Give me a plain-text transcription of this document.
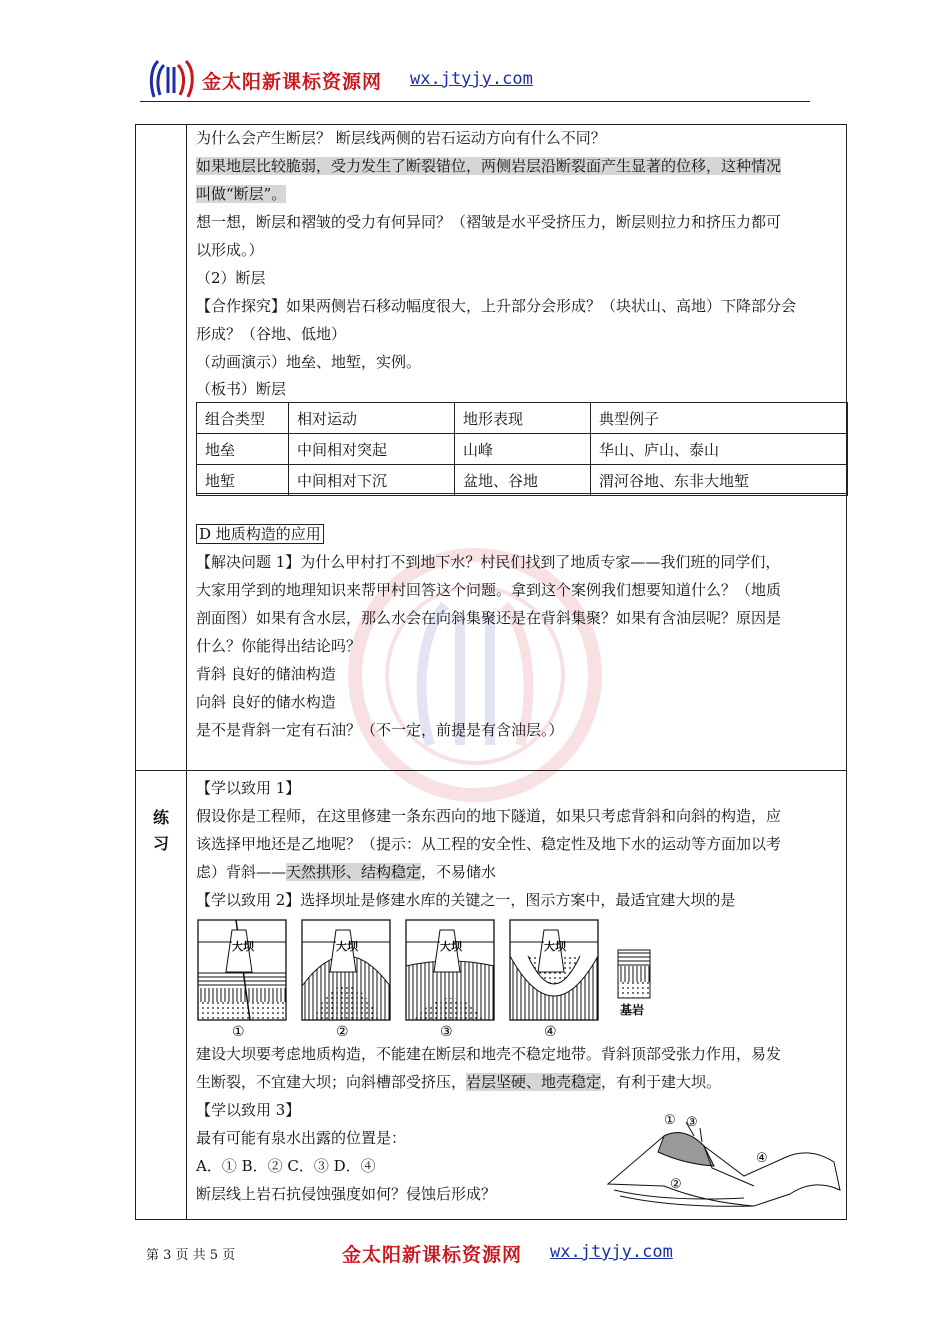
金太阳新课标资源网 wx.jtyjy.com
练习
为什么会产生断层？ 断层线两侧的岩石运动方向有什么不同？
如果地层比较脆弱，受力发生了断裂错位，两侧岩层沿断裂面产生显著的位移，这种情况
叫做“断层”。
想一想，断层和褶皱的受力有何异同？（褶皱是水平受挤压力，断层则拉力和挤压力都可
以形成。）
（2）断层
【合作探究】如果两侧岩石移动幅度很大，上升部分会形成？（块状山、高地）下降部分会
形成？（谷地、低地）
（动画演示）地垒、地堑，实例。
（板书）断层
组合类型	相对运动	地形表现	典型例子
地垒	中间相对突起	山峰	华山、庐山、泰山
地堑	中间相对下沉	盆地、谷地	渭河谷地、东非大地堑
D 地质构造的应用
【解决问题 1】为什么甲村打不到地下水？村民们找到了地质专家——我们班的同学们，
大家用学到的地理知识来帮甲村回答这个问题。拿到这个案例我们想要知道什么？（地质
剖面图）如果有含水层，那么水会在向斜集聚还是在背斜集聚？如果有含油层呢？原因是
什么？你能得出结论吗？
背斜 良好的储油构造
向斜 良好的储水构造
是不是背斜一定有石油？（不一定，前提是有含油层。）
【学以致用 1】
假设你是工程师，在这里修建一条东西向的地下隧道，如果只考虑背斜和向斜的构造，应
该选择甲地还是乙地呢？（提示：从工程的安全性、稳定性及地下水的运动等方面加以考
虑）背斜——天然拱形、结构稳定，不易储水
【学以致用 2】选择坝址是修建水库的关键之一，图示方案中，最适宜建大坝的是
大坝	大坝	大坝	大坝
基岩
①	②	③	④
建设大坝要考虑地质构造，不能建在断层和地壳不稳定地带。背斜顶部受张力作用，易发
生断裂，不宜建大坝；向斜槽部受挤压，岩层坚硬、地壳稳定，有利于建大坝。
【学以致用 3】
最有可能有泉水出露的位置是：
A．① B．② C．③ D．④
断层线上岩石抗侵蚀强度如何？侵蚀后形成？
① ③
②
④
第 3 页 共 5 页	金太阳新课标资源网 wx.jtyjy.com
